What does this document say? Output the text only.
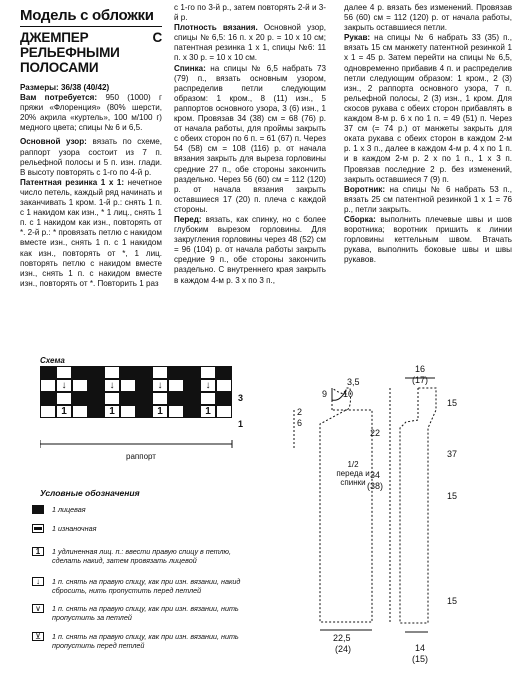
Модель с обложки
ДЖЕМПЕР С РЕЛЬЕФНЫМИ ПОЛОСАМИ

Размеры: 36/38 (40/42)

Вам потребуется: 950 (1000) г пряжи «Флоренция» (80% шерсти, 20% акрила «куртель», 100 м/100 г) медного цвета; спицы № 6 и 6,5.

Основной узор: вязать по схеме, раппорт узора состоит из 7 п. рельефной полосы и 5 п. изн. глади. В высоту повторять с 1-го по 4-й р.

Патентная резинка 1 x 1: нечетное число петель, каждый ряд начинать и заканчивать 1 кром. 1-й р.: снять 1 п. с 1 накидом как изн., * 1 лиц., снять 1 п. с 1 накидом как изн., повторять от *. 2-й р.: * провязать петлю с накидом вместе изн., снять 1 п. с 1 накидом как изн., повторять от *, 1 лиц. повторять петлю с накидом вместе изн., снять 1 п. с накидом вместе изн., повторять от *. Повторить 1 раз

с 1-го по 3-й р., затем повторять 2-й и 3-й р.

Плотность вязания. Основной узор, спицы № 6,5: 16 п. x 20 р. = 10 x 10 см; патентная резинка 1 x 1, спицы №6: 11 п. x 30 р. = 10 x 10 см.

Спинка: на спицы № 6,5 набрать 73 (79) п., вязать основным узором, распределив петли следующим образом: 1 кром., 8 (11) изн., 5 раппортов основного узора, 3 (6) изн., 1 кром. Провязав 34 (38) см = 68 (76) р. от начала работы, для проймы закрыть с обеих сторон по 6 п. = 61 (67) п. Через 54 (58) см = 108 (116) р. от начала вязания закрыть для выреза горловины средние 27 п., обе стороны закончить раздельно. Через 56 (60) см = 112 (120) р. от начала вязания закрыть оставшиеся 17 (20) п. плеча с каждой стороны.

Перед: вязать, как спинку, но с более глубоким вырезом горловины. Для закругления горловины через 48 (52) см = 96 (104) р. от начала работы закрыть средние 9 п., обе стороны закончить раздельно. С внутреннего края закрыть в каждом 4-м р. 3 x по 3 п.,

далее 4 р. вязать без изменений. Провязав 56 (60) см = 112 (120) р. от начала работы, закрыть оставшиеся петли.

Рукав: на спицы № 6 набрать 33 (35) п., вязать 15 см манжету патентной резинкой 1 x 1 = 45 р. Затем перейти на спицы № 6,5, одновременно прибавив 4 п. и распределив петли следующим образом: 1 кром., 2 (3) изн., 2 раппорта основного узора, 7 п. рельефной полосы, 2 (3) изн., 1 кром. Для скосов рукава с обеих сторон прибавлять в каждом 8-м р. 6 x по 1 п. = 49 (51) п. Через 37 см (= 74 р.) от манжеты закрыть для оката рукава с обеих сторон в каждом 2-м р. 1 x 3 п., далее в каждом 4-м р. 4 x по 1 п. и в каждом 2-м р. 2 x по 1 п., 1 x 3 п. Провязав последние 2 р. без изменений, закрыть оставшиеся 7 (9) п.

Воротник: на спицы № 6 набрать 53 п., вязать 25 см патентной резинкой 1 x 1 = 76 р., петли закрыть.

Сборка: выполнить плечевые швы и шов воротника; воротник пришить к линии горловины кеттельным швом. Втачать рукава, выполнить боковые швы и швы рукавов.

Схема
↓	↓	↓	↓
1	1	1	1
3
1
раппорт
Условные обозначения
1 лицевая
1 изнаночная
1	1 удлиненная лиц. п.: ввести правую спицу в петлю, сделать накид, затем провязать лицевой
↓	1 п. снять на правую спицу, как при изн. вязании, накид сбросить, нить пропустить перед петлей
∨	1 п. снять на правую спицу, как при изн. вязании, нить пропустить за петлей
⊻	1 п. снять на правую спицу, как при изн. вязании, нить пропустить перед петлей
3,5
9 10
2
6
22
1/2 переда и спинки
34
(38)
22,5
(24)
16
(17)
15
37
15
15
14
(15)
